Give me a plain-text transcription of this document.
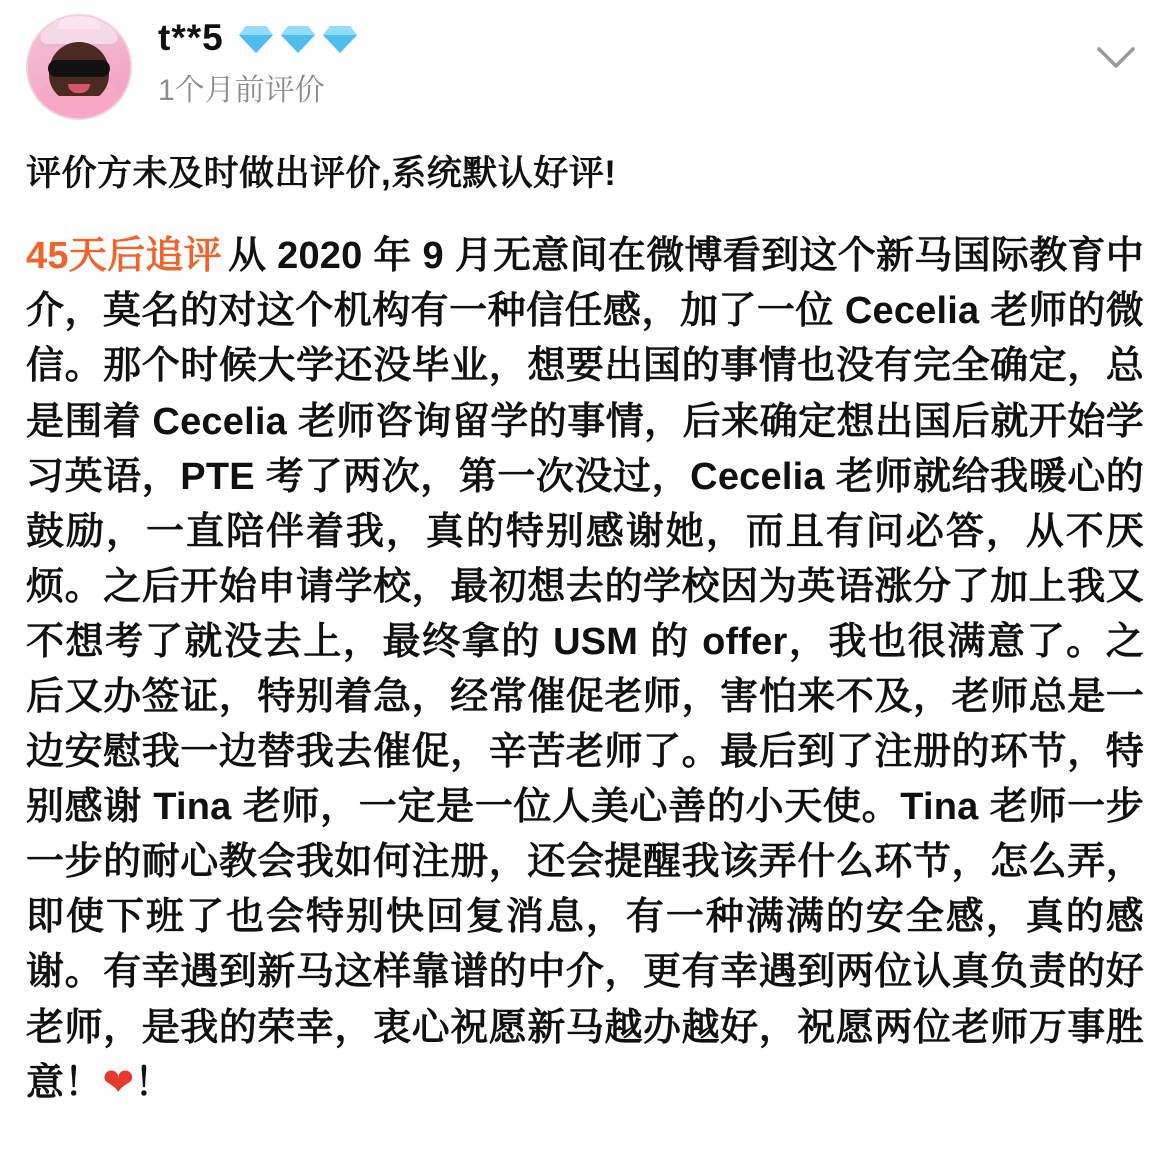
t**5
1个月前评价
评价方未及时做出评价,系统默认好评!
45天后追评 从 2020 年 9 月无意间在微博看到这个新马国际教育中介，莫名的对这个机构有一种信任感，加了一位 Cecelia 老师的微信。那个时候大学还没毕业，想要出国的事情也没有完全确定，总是围着 Cecelia 老师咨询留学的事情，后来确定想出国后就开始学习英语，PTE 考了两次，第一次没过，Cecelia 老师就给我暖心的鼓励，一直陪伴着我，真的特别感谢她，而且有问必答，从不厌烦。之后开始申请学校，最初想去的学校因为英语涨分了加上我又不想考了就没去上，最终拿的 USM 的 offer，我也很满意了。之后又办签证，特别着急，经常催促老师，害怕来不及，老师总是一边安慰我一边替我去催促，辛苦老师了。最后到了注册的环节，特别感谢 Tina 老师，一定是一位人美心善的小天使。Tina 老师一步一步的耐心教会我如何注册，还会提醒我该弄什么环节，怎么弄，即使下班了也会特别快回复消息，有一种满满的安全感，真的感谢。有幸遇到新马这样靠谱的中介，更有幸遇到两位认真负责的好老师，是我的荣幸，衷心祝愿新马越办越好，祝愿两位老师万事胜意！❤！
